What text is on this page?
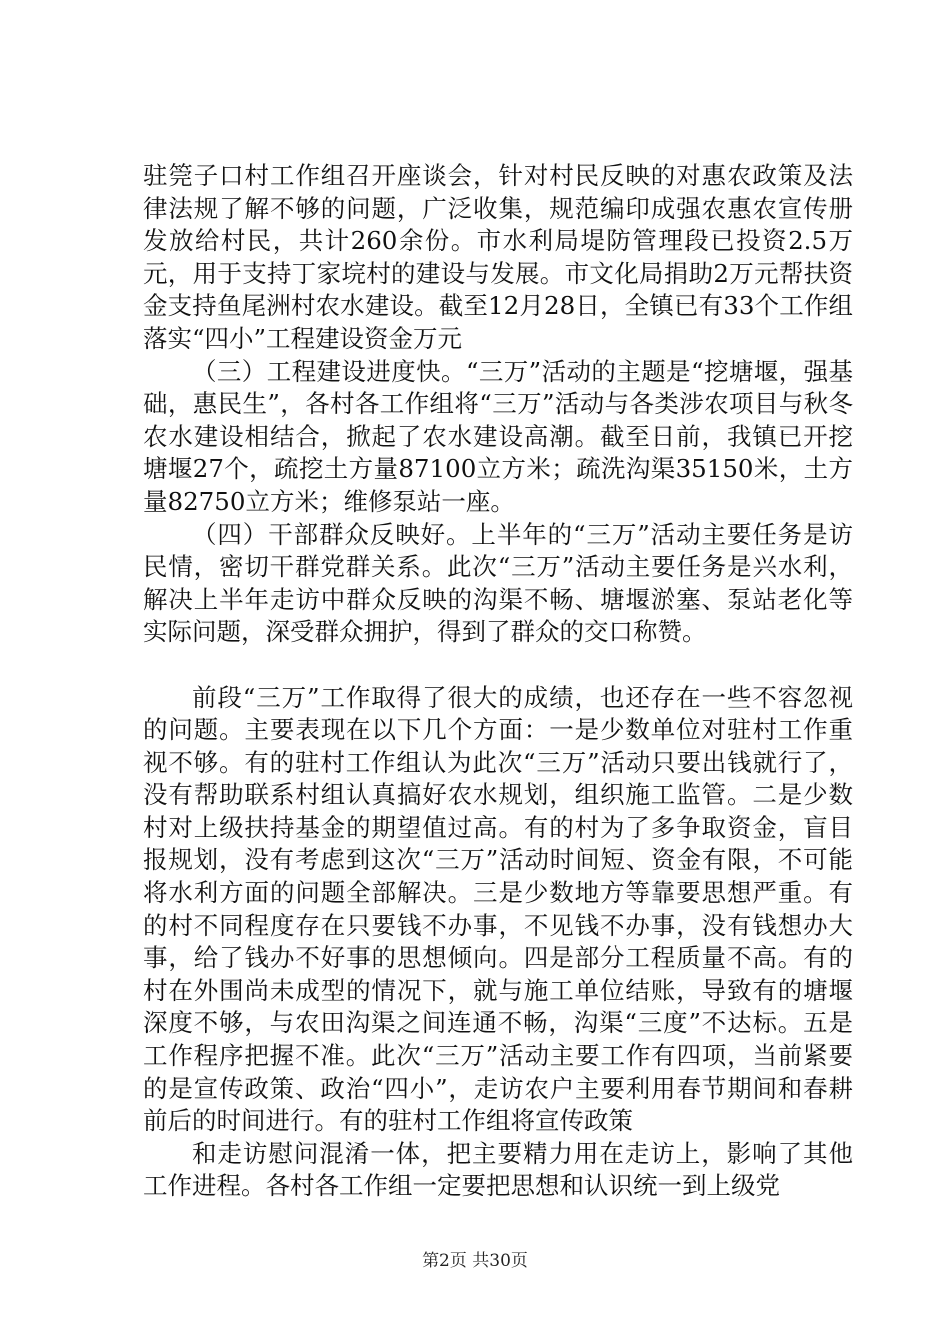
驻筦子口村工作组召开座谈会，针对村民反映的对惠农政策及法律法规了解不够的问题，广泛收集，规范编印成强农惠农宣传册发放给村民，共计260余份。市水利局堤防管理段已投资2.5万元，用于支持丁家垸村的建设与发展。市文化局捐助2万元帮扶资金支持鱼尾洲村农水建设。截至12月28日，全镇已有33个工作组落实“四小”工程建设资金万元

（三）工程建设进度快。“三万”活动的主题是“挖塘堰，强基础，惠民生”，各村各工作组将“三万”活动与各类涉农项目与秋冬农水建设相结合，掀起了农水建设高潮。截至日前，我镇已开挖塘堰27个，疏挖土方量87100立方米；疏洗沟渠35150米，土方量82750立方米；维修泵站一座。

（四）干部群众反映好。上半年的“三万”活动主要任务是访民情，密切干群党群关系。此次“三万”活动主要任务是兴水利，解决上半年走访中群众反映的沟渠不畅、塘堰淤塞、泵站老化等实际问题，深受群众拥护，得到了群众的交口称赞。

前段“三万”工作取得了很大的成绩，也还存在一些不容忽视的问题。主要表现在以下几个方面：一是少数单位对驻村工作重视不够。有的驻村工作组认为此次“三万”活动只要出钱就行了，没有帮助联系村组认真搞好农水规划，组织施工监管。二是少数村对上级扶持基金的期望值过高。有的村为了多争取资金，盲目报规划，没有考虑到这次“三万”活动时间短、资金有限，不可能将水利方面的问题全部解决。三是少数地方等靠要思想严重。有的村不同程度存在只要钱不办事，不见钱不办事，没有钱想办大事，给了钱办不好事的思想倾向。四是部分工程质量不高。有的村在外围尚未成型的情况下，就与施工单位结账，导致有的塘堰深度不够，与农田沟渠之间连通不畅，沟渠“三度”不达标。五是工作程序把握不准。此次“三万”活动主要工作有四项，当前紧要的是宣传政策、政治“四小”，走访农户主要利用春节期间和春耕前后的时间进行。有的驻村工作组将宣传政策

和走访慰问混淆一体，把主要精力用在走访上，影响了其他工作进程。各村各工作组一定要把思想和认识统一到上级党

第2页 共30页
